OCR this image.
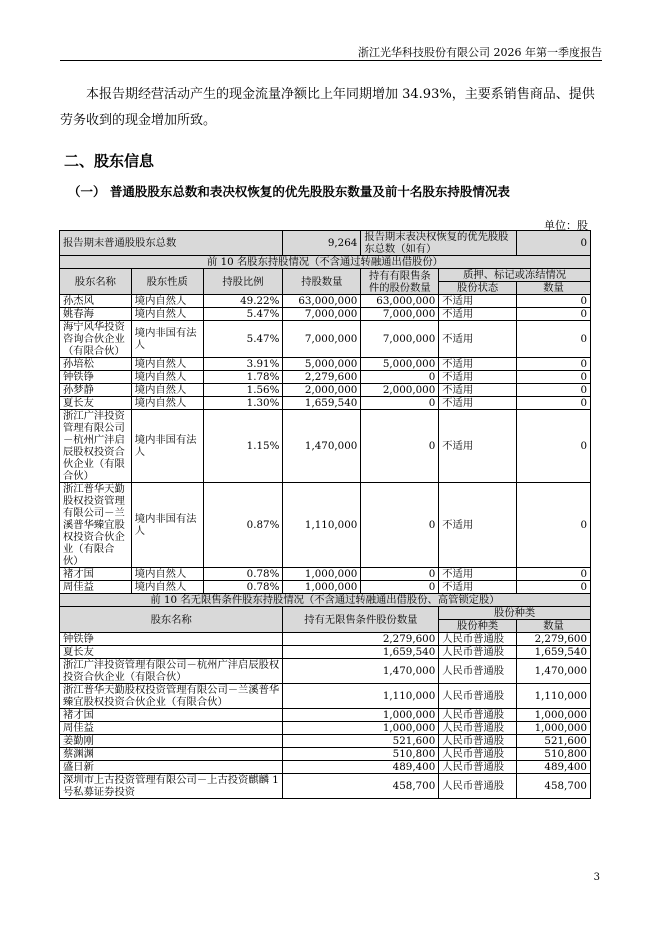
浙江光华科技股份有限公司 2026 年第一季度报告
本报告期经营活动产生的现金流量净额比上年同期增加 34.93%，主要系销售商品、提供劳务收到的现金增加所致。
二、股东信息
（一） 普通股股东总数和表决权恢复的优先股股东数量及前十名股东持股情况表
单位：股
报告期末普通股股东总数			9,264	报告期末表决权恢复的优先股股东总数（如有）		0
前 10 名股东持股情况（不含通过转融通出借股份）						
股东名称	股东性质	持股比例	持股数量	持有有限售条件的股份数量	质押、标记或冻结情况	
					股份状态	数量
孙杰风	境内自然人	49.22%	63,000,000	63,000,000	不适用	0
姚春海	境内自然人	5.47%	7,000,000	7,000,000	不适用	0
海宁风华投资咨询合伙企业（有限合伙）	境内非国有法人	5.47%	7,000,000	7,000,000	不适用	0
孙培松	境内自然人	3.91%	5,000,000	5,000,000	不适用	0
钟铁铮	境内自然人	1.78%	2,279,600	0	不适用	0
孙梦静	境内自然人	1.56%	2,000,000	2,000,000	不适用	0
夏长友	境内自然人	1.30%	1,659,540	0	不适用	0
浙江广沣投资管理有限公司－杭州广沣启辰股权投资合伙企业（有限合伙）	境内非国有法人	1.15%	1,470,000	0	不适用	0
浙江普华天勤股权投资管理有限公司－兰溪普华臻宜股权投资合伙企业（有限合伙）	境内非国有法人	0.87%	1,110,000	0	不适用	0
褚才国	境内自然人	0.78%	1,000,000	0	不适用	0
周佳益	境内自然人	0.78%	1,000,000	0	不适用	0
前 10 名无限售条件股东持股情况（不含通过转融通出借股份、高管锁定股）						
股东名称			持有无限售条件股份数量		股份种类	
					股份种类	数量
钟铁铮			2,279,600		人民币普通股	2,279,600
夏长友			1,659,540		人民币普通股	1,659,540
浙江广沣投资管理有限公司－杭州广沣启辰股权投资合伙企业（有限合伙）			1,470,000		人民币普通股	1,470,000
浙江普华天勤股权投资管理有限公司－兰溪普华臻宜股权投资合伙企业（有限合伙）			1,110,000		人民币普通股	1,110,000
褚才国			1,000,000		人民币普通股	1,000,000
周佳益			1,000,000		人民币普通股	1,000,000
姜勤刚			521,600		人民币普通股	521,600
蔡渊渊			510,800		人民币普通股	510,800
盛日新			489,400		人民币普通股	489,400
深圳市上古投资管理有限公司－上古投资麒麟 1 号私募证券投资			458,700		人民币普通股	458,700
3
